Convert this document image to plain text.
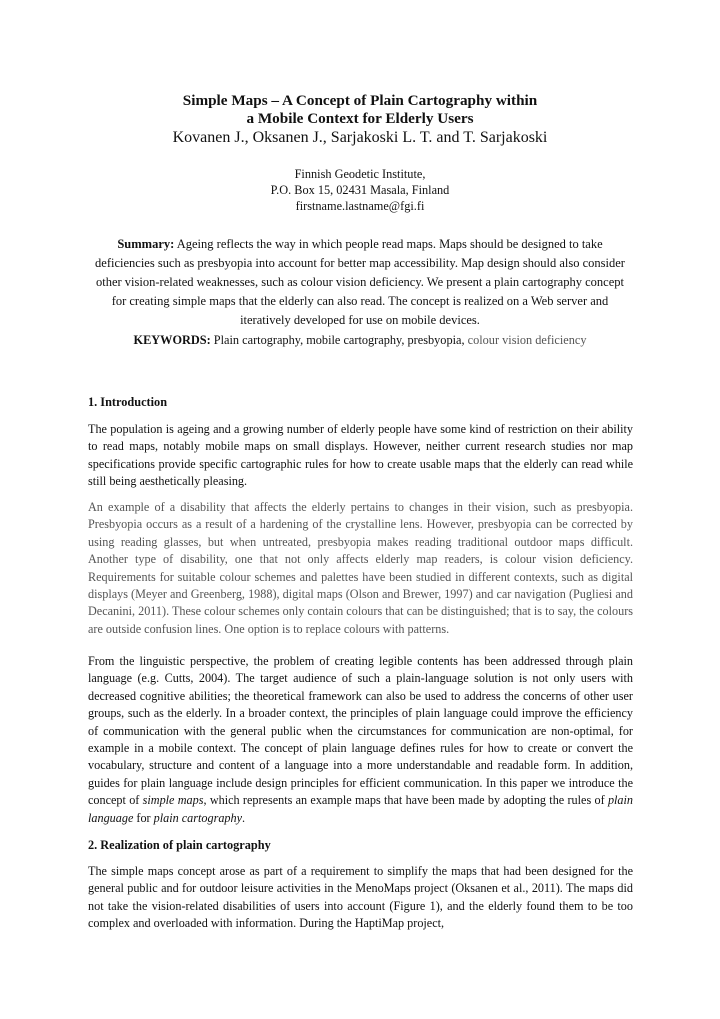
Simple Maps – A Concept of Plain Cartography within
a Mobile Context for Elderly Users
Kovanen J., Oksanen J., Sarjakoski L. T. and T. Sarjakoski
Finnish Geodetic Institute,
P.O. Box 15, 02431 Masala, Finland
firstname.lastname@fgi.fi
Summary: Ageing reflects the way in which people read maps. Maps should be designed to take deficiencies such as presbyopia into account for better map accessibility. Map design should also consider other vision-related weaknesses, such as colour vision deficiency. We present a plain cartography concept for creating simple maps that the elderly can also read. The concept is realized on a Web server and iteratively developed for use on mobile devices.
KEYWORDS: Plain cartography, mobile cartography, presbyopia, colour vision deficiency
1. Introduction
The population is ageing and a growing number of elderly people have some kind of restriction on their ability to read maps, notably mobile maps on small displays. However, neither current research studies nor map specifications provide specific cartographic rules for how to create usable maps that the elderly can read while still being aesthetically pleasing.
An example of a disability that affects the elderly pertains to changes in their vision, such as presbyopia. Presbyopia occurs as a result of a hardening of the crystalline lens. However, presbyopia can be corrected by using reading glasses, but when untreated, presbyopia makes reading traditional outdoor maps difficult. Another type of disability, one that not only affects elderly map readers, is colour vision deficiency. Requirements for suitable colour schemes and palettes have been studied in different contexts, such as digital displays (Meyer and Greenberg, 1988), digital maps (Olson and Brewer, 1997) and car navigation (Pugliesi and Decanini, 2011). These colour schemes only contain colours that can be distinguished; that is to say, the colours are outside confusion lines. One option is to replace colours with patterns.
From the linguistic perspective, the problem of creating legible contents has been addressed through plain language (e.g. Cutts, 2004). The target audience of such a plain-language solution is not only users with decreased cognitive abilities; the theoretical framework can also be used to address the concerns of other user groups, such as the elderly. In a broader context, the principles of plain language could improve the efficiency of communication with the general public when the circumstances for communication are non-optimal, for example in a mobile context. The concept of plain language defines rules for how to create or convert the vocabulary, structure and content of a language into a more understandable and readable form. In addition, guides for plain language include design principles for efficient communication. In this paper we introduce the concept of simple maps, which represents an example maps that have been made by adopting the rules of plain language for plain cartography.
2. Realization of plain cartography
The simple maps concept arose as part of a requirement to simplify the maps that had been designed for the general public and for outdoor leisure activities in the MenoMaps project (Oksanen et al., 2011). The maps did not take the vision-related disabilities of users into account (Figure 1), and the elderly found them to be too complex and overloaded with information. During the HaptiMap project,
